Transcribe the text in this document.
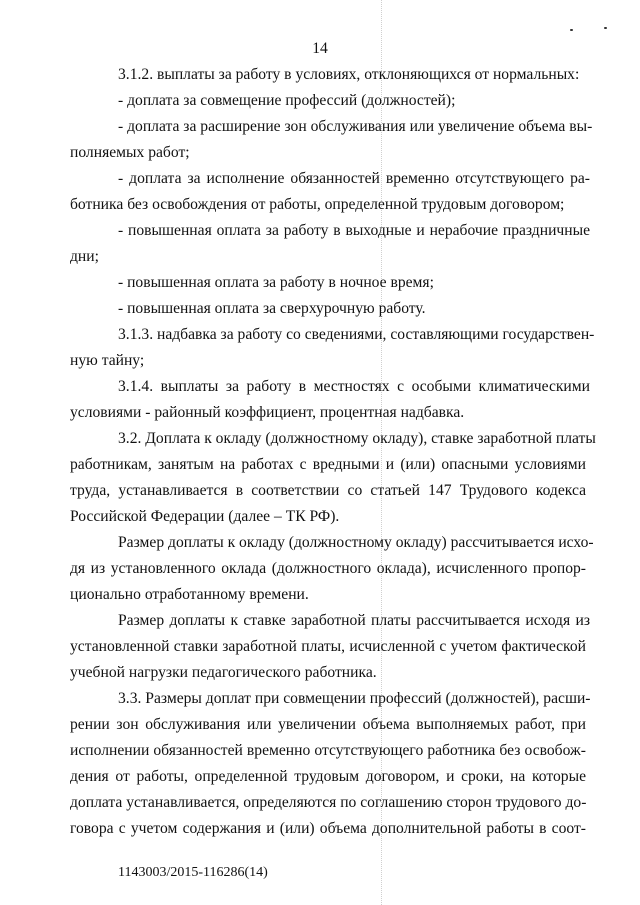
14
3.1.2. выплаты за работу в условиях, отклоняющихся от нормальных:
- доплата за совмещение профессий (должностей);
- доплата за расширение зон обслуживания или увеличение объема вы-
полняемых работ;
- доплата за исполнение обязанностей временно отсутствующего ра-
ботника без освобождения от работы, определенной трудовым договором;
- повышенная оплата за работу в выходные и нерабочие праздничные
дни;
- повышенная оплата за работу в ночное время;
- повышенная оплата за сверхурочную работу.
3.1.3. надбавка за работу со сведениями, составляющими государствен-
ную тайну;
3.1.4. выплаты за работу в местностях с особыми климатическими
условиями - районный коэффициент, процентная надбавка.
3.2. Доплата к окладу (должностному окладу), ставке заработной платы
работникам, занятым на работах с вредными и (или) опасными условиями
труда, устанавливается в соответствии со статьей 147 Трудового кодекса
Российской Федерации (далее – ТК РФ).
Размер доплаты к окладу (должностному окладу) рассчитывается исхо-
дя из установленного оклада (должностного оклада), исчисленного пропор-
ционально отработанному времени.
Размер доплаты к ставке заработной платы рассчитывается исходя из
установленной ставки заработной платы, исчисленной с учетом фактической
учебной нагрузки педагогического работника.
3.3. Размеры доплат при совмещении профессий (должностей), расши-
рении зон обслуживания или увеличении объема выполняемых работ, при
исполнении обязанностей временно отсутствующего работника без освобож-
дения от работы, определенной трудовым договором, и сроки, на которые
доплата устанавливается, определяются по соглашению сторон трудового до-
говора с учетом содержания и (или) объема дополнительной работы в соот-
1143003/2015-116286(14)
